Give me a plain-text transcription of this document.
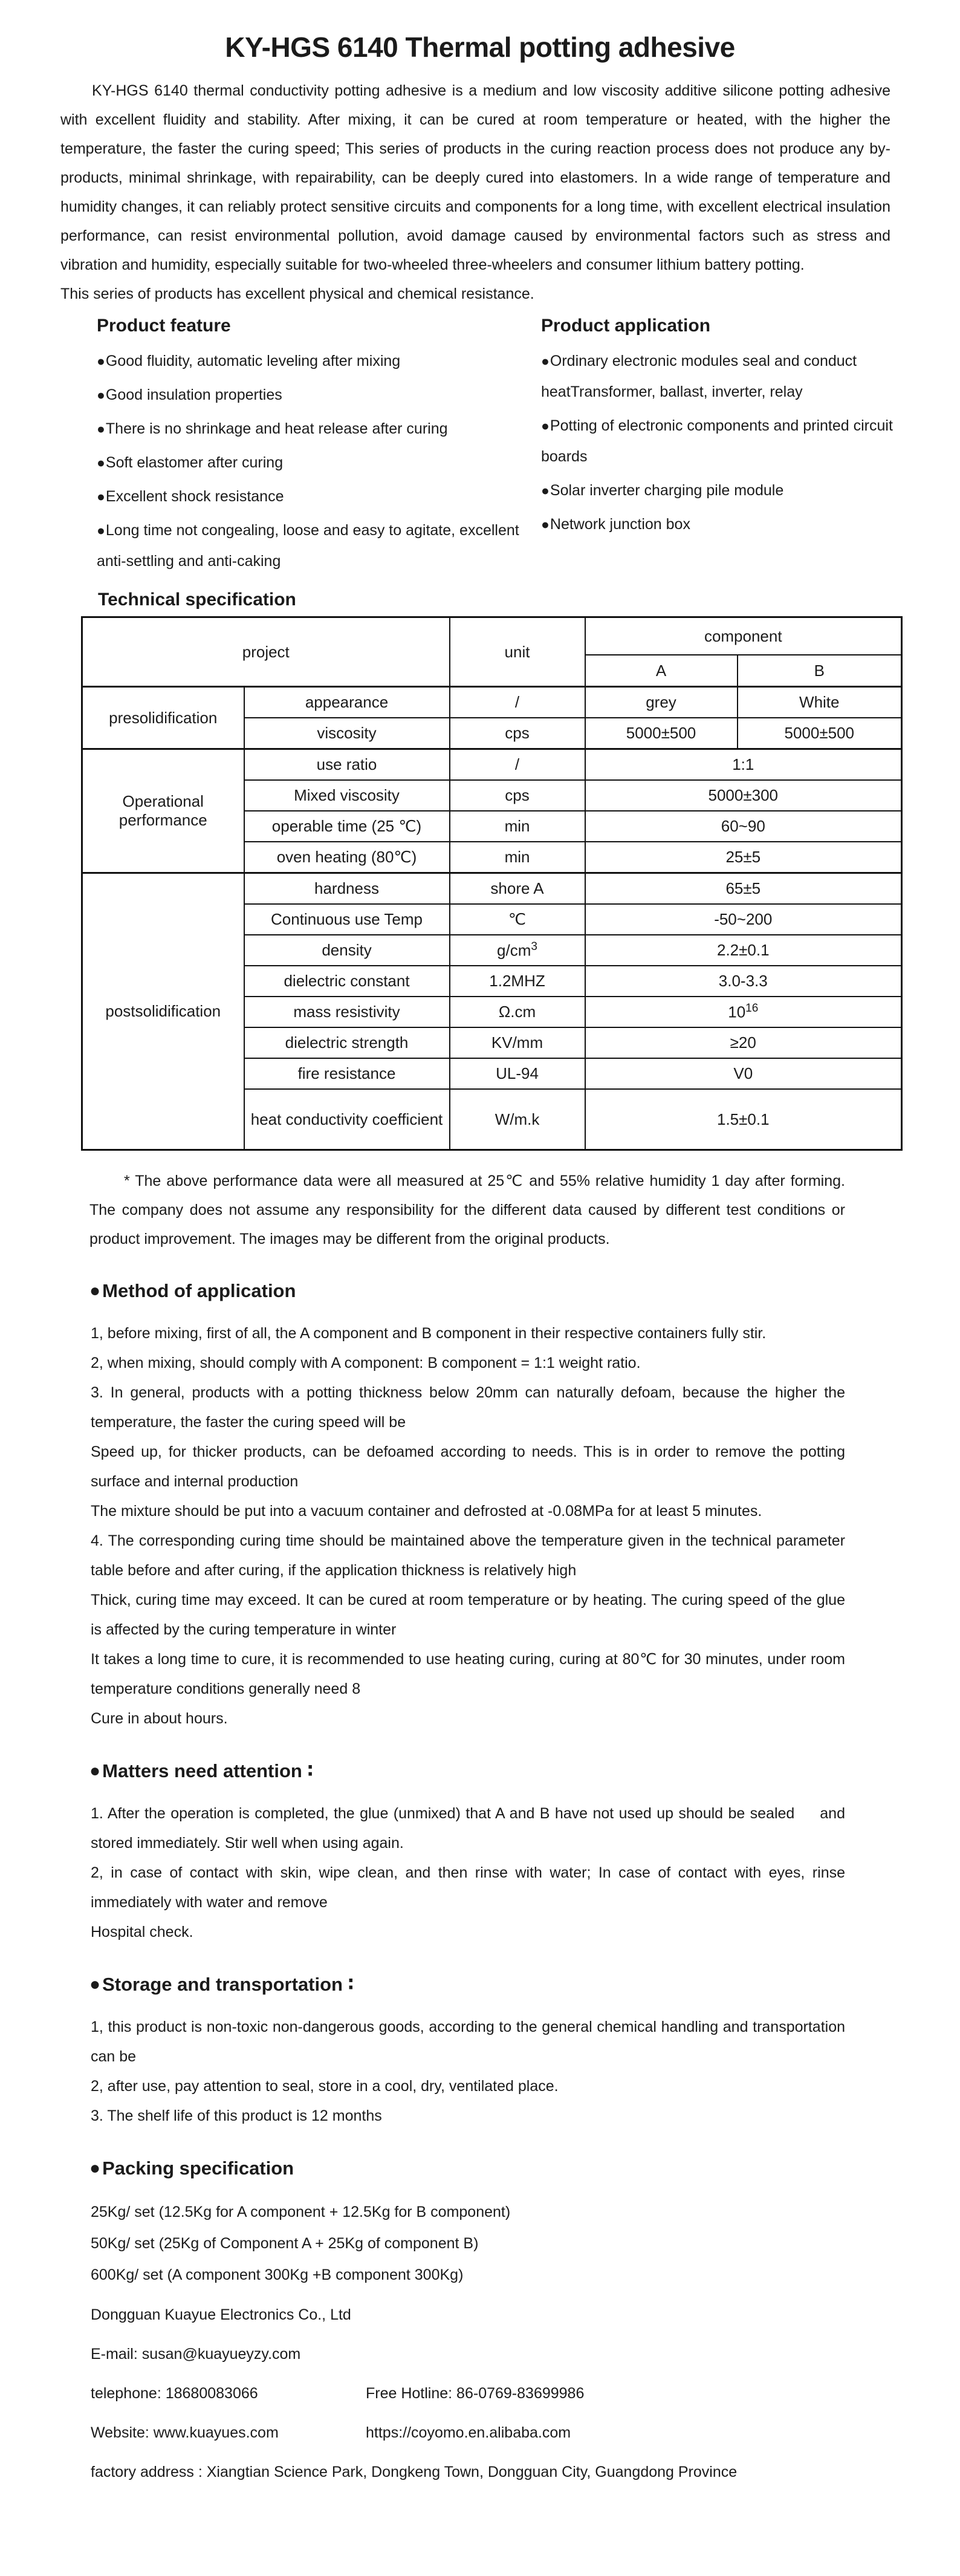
KY-HGS 6140 Thermal potting adhesive

KY-HGS 6140 thermal conductivity potting adhesive is a medium and low viscosity additive silicone potting adhesive with excellent fluidity and stability. After mixing, it can be cured at room temperature or heated, with the higher the temperature, the faster the curing speed; This series of products in the curing reaction process does not produce any by-products, minimal shrinkage, with repairability, can be deeply cured into elastomers. In a wide range of temperature and humidity changes, it can reliably protect sensitive circuits and components for a long time, with excellent electrical insulation performance, can resist environmental pollution, avoid damage caused by environmental factors such as stress and vibration and humidity, especially suitable for two-wheeled three-wheelers and consumer lithium battery potting.

This series of products has excellent physical and chemical resistance.

Product feature
●Good fluidity, automatic leveling after mixing
●Good insulation properties
●There is no shrinkage and heat release after curing
●Soft elastomer after curing
●Excellent shock resistance
●Long time not congealing, loose and easy to agitate, excellent anti-settling and anti-caking
Product application
●Ordinary electronic modules seal and conduct heatTransformer, ballast, inverter, relay
●Potting of electronic components and printed circuit boards
●Solar inverter charging pile module
●Network junction box
Technical specification
project		unit	component	
			A	B
presolidification	appearance	/	grey	White
	viscosity	cps	5000±500	5000±500
Operational performance	use ratio	/	1:1	
	Mixed viscosity	cps	5000±300	
	operable time (25 ℃)	min	60~90	
	oven heating (80℃)	min	25±5	
postsolidification	hardness	shore A	65±5	
	Continuous use Temp	℃	-50~200	
	density	$g/cm^3$	2.2±0.1	
	dielectric constant	1.2MHZ	3.0-3.3	
	mass resistivity	Ω.cm	$10^{16}$
	dielectric strength	KV/mm	≥20	
	fire resistance	UL-94	V0	
	heat conductivity coefficient	W/m.k	1.5±0.1	

* The above performance data were all measured at 25℃ and 55% relative humidity 1 day after forming. The company does not assume any responsibility for the different data caused by different test conditions or product improvement. The images may be different from the original products.

● Method of application

1, before mixing, first of all, the A component and B component in their respective containers fully stir.

2, when mixing, should comply with A component: B component = 1:1 weight ratio.

3. In general, products with a potting thickness below 20mm can naturally defoam, because the higher the temperature, the faster the curing speed will be

Speed up, for thicker products, can be defoamed according to needs. This is in order to remove the potting surface and internal production

The mixture should be put into a vacuum container and defrosted at -0.08MPa for at least 5 minutes.

4. The corresponding curing time should be maintained above the temperature given in the technical parameter table before and after curing, if the application thickness is relatively high

Thick, curing time may exceed. It can be cured at room temperature or by heating. The curing speed of the glue is affected by the curing temperature in winter

It takes a long time to cure, it is recommended to use heating curing, curing at 80℃ for 30 minutes, under room temperature conditions generally need 8

Cure in about hours.

● Matters need attention ∶

1. After the operation is completed, the glue (unmixed) that A and B have not used up should be sealed     and stored immediately. Stir well when using again.

2, in case of contact with skin, wipe clean, and then rinse with water; In case of contact with eyes, rinse immediately with water and remove

Hospital check.

● Storage and transportation ∶

1, this product is non-toxic non-dangerous goods, according to the general chemical handling and transportation can be

2, after use, pay attention to seal, store in a cool, dry, ventilated place.

3. The shelf life of this product is 12 months

● Packing specification

25Kg/ set (12.5Kg for A component + 12.5Kg for B component)

50Kg/ set (25Kg of Component A + 25Kg of component B)

600Kg/ set (A component 300Kg +B component 300Kg)

Dongguan Kuayue Electronics Co., Ltd
E-mail: susan@kuayueyzy.com
telephone: 18680083066	Free Hotline: 86-0769-83699986
Website: www.kuayues.com	https://coyomo.en.alibaba.com
factory address : Xiangtian Science Park, Dongkeng Town, Dongguan City, Guangdong Province
